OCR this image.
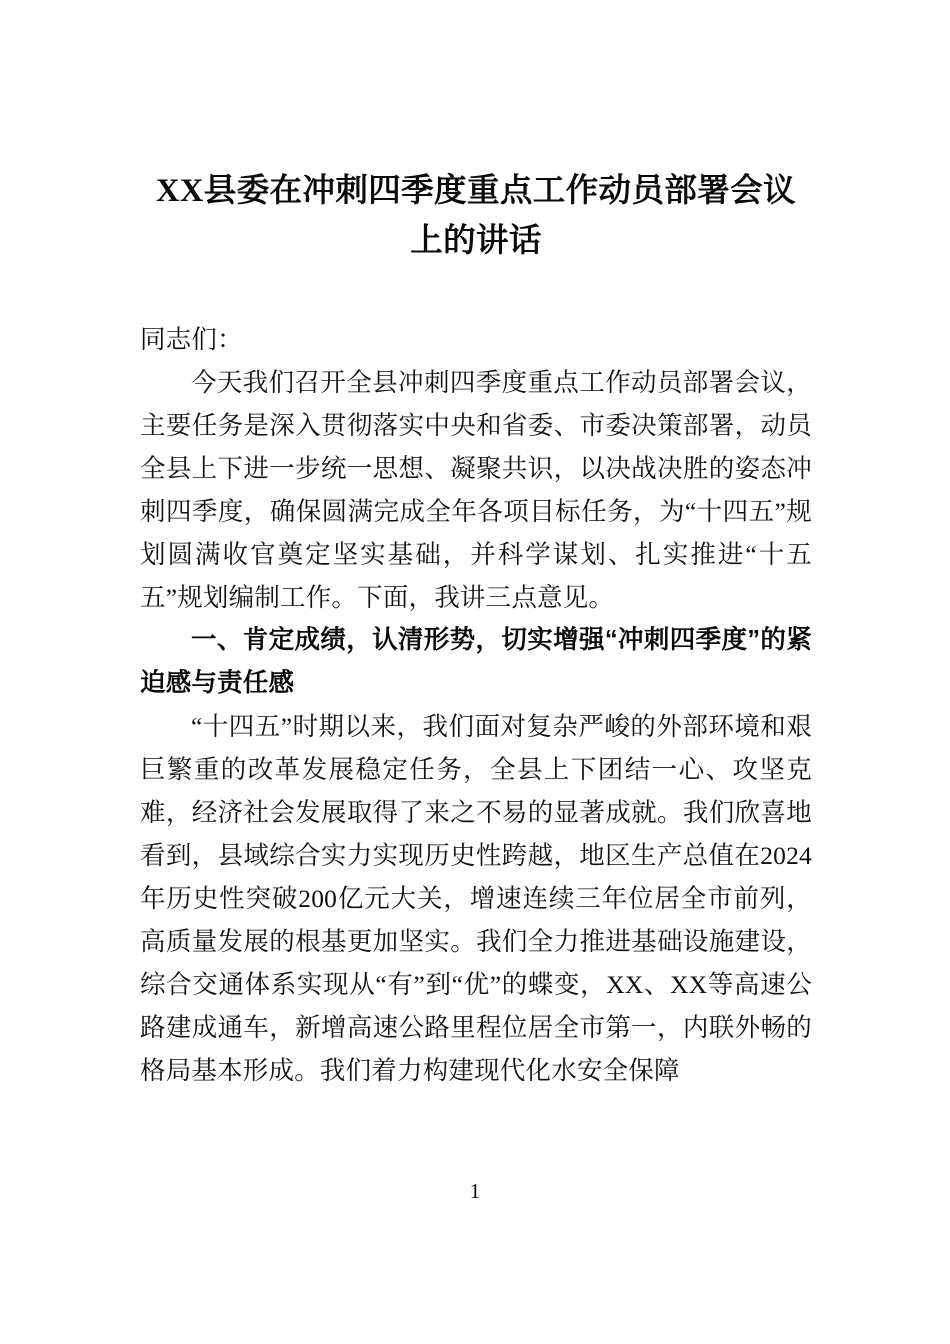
XX县委在冲刺四季度重点工作动员部署会议上的讲话

同志们：

今天我们召开全县冲刺四季度重点工作动员部署会议，主要任务是深入贯彻落实中央和省委、市委决策部署，动员全县上下进一步统一思想、凝聚共识，以决战决胜的姿态冲刺四季度，确保圆满完成全年各项目标任务，为“十四五”规划圆满收官奠定坚实基础，并科学谋划、扎实推进“十五五”规划编制工作。下面，我讲三点意见。

一、肯定成绩，认清形势，切实增强“冲刺四季度”的紧迫感与责任感

“十四五”时期以来，我们面对复杂严峻的外部环境和艰巨繁重的改革发展稳定任务，全县上下团结一心、攻坚克难，经济社会发展取得了来之不易的显著成就。我们欣喜地看到，县域综合实力实现历史性跨越，地区生产总值在2024年历史性突破200亿元大关，增速连续三年位居全市前列，高质量发展的根基更加坚实。我们全力推进基础设施建设，综合交通体系实现从“有”到“优”的蝶变，XX、XX等高速公路建成通车，新增高速公路里程位居全市第一，内联外畅的格局基本形成。我们着力构建现代化水安全保障

1
